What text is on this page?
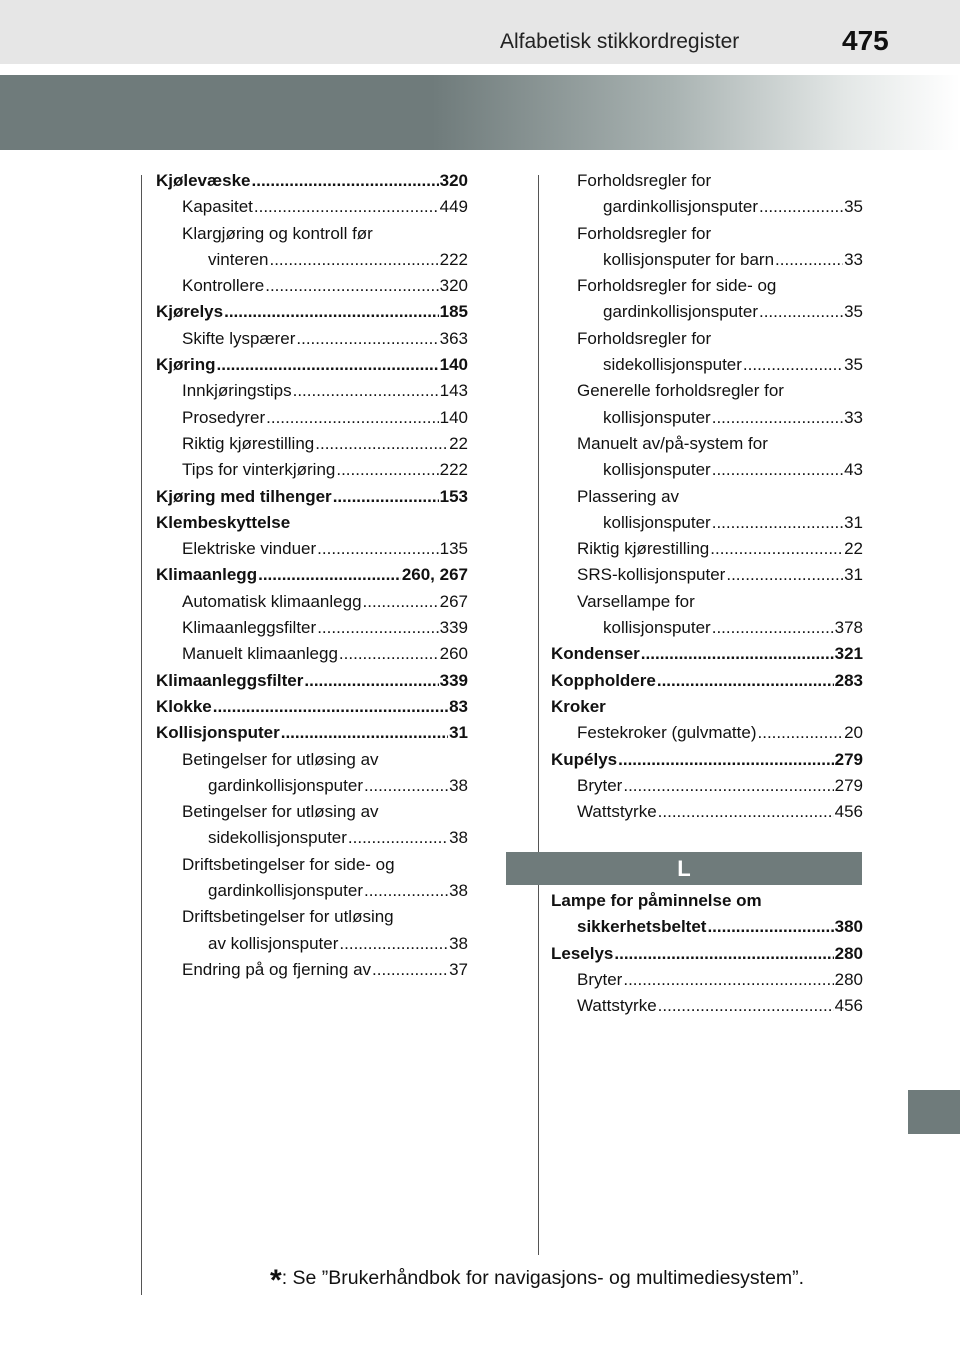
Alfabetisk stikkordregister	475
Kjølevæske .....	320
Kapasitet .....	449
Klargjøring og kontroll før
vinteren .....	222
Kontrollere .....	320
Kjørelys .....	185
Skifte lyspærer .....	363
Kjøring .....	140
Innkjøringstips .....	143
Prosedyrer .....	140
Riktig kjørestilling .....	22
Tips for vinterkjøring .....	222
Kjøring med tilhenger .....	153
Klembeskyttelse
Elektriske vinduer .....	135
Klimaanlegg .....	260, 267
Automatisk klimaanlegg .....	267
Klimaanleggsfilter .....	339
Manuelt klimaanlegg .....	260
Klimaanleggsfilter .....	339
Klokke .....	83
Kollisjonsputer .....	31
Betingelser for utløsing av
gardinkollisjonsputer .....	38
Betingelser for utløsing av
sidekollisjonsputer .....	38
Driftsbetingelser for side- og
gardinkollisjonsputer .....	38
Driftsbetingelser for utløsing
av kollisjonsputer .....	38
Endring på og fjerning av .....	37
Forholdsregler for
gardinkollisjonsputer .....	35
Forholdsregler for
kollisjonsputer for barn .....	33
Forholdsregler for side- og
gardinkollisjonsputer .....	35
Forholdsregler for
sidekollisjonsputer .....	35
Generelle forholdsregler for
kollisjonsputer .....	33
Manuelt av/på-system for
kollisjonsputer .....	43
Plassering av
kollisjonsputer .....	31
Riktig kjørestilling .....	22
SRS-kollisjonsputer .....	31
Varsellampe for
kollisjonsputer .....	378
Kondenser .....	321
Koppholdere .....	283
Kroker
Festekroker (gulvmatte) .....	20
Kupélys .....	279
Bryter .....	279
Wattstyrke .....	456
L
Lampe for påminnelse om
sikkerhetsbeltet .....	380
Leselys .....	280
Bryter .....	280
Wattstyrke .....	456
*: Se ”Brukerhåndbok for navigasjons- og multimediesystem”.
